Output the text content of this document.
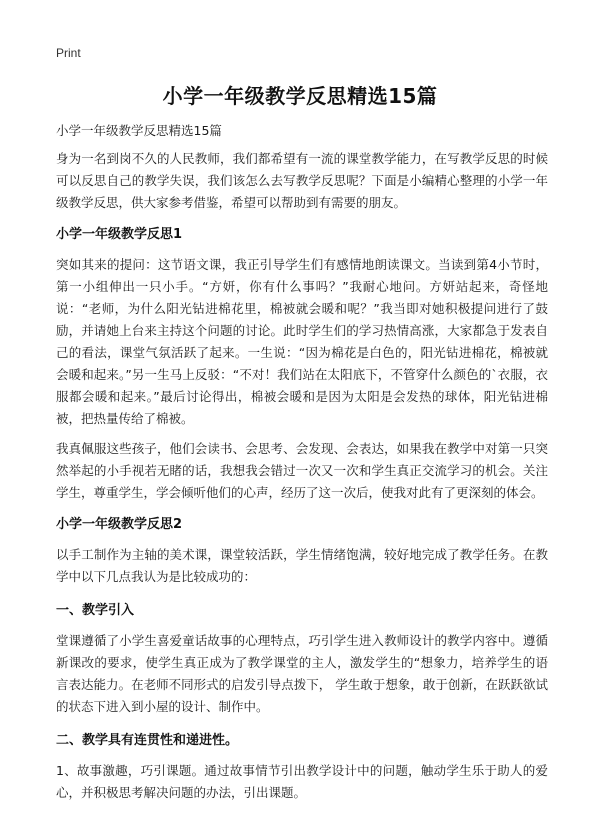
Print
小学一年级教学反思精选15篇

小学一年级教学反思精选15篇

身为一名到岗不久的人民教师，我们都希望有一流的课堂教学能力，在写教学反思的时候可以反思自己的教学失误，我们该怎么去写教学反思呢？下面是小编精心整理的小学一年级教学反思，供大家参考借鉴，希望可以帮助到有需要的朋友。

小学一年级教学反思1

突如其来的提问：这节语文课，我正引导学生们有感情地朗读课文。当读到第4小节时，第一小组伸出一只小手。“方妍，你有什么事吗？”我耐心地问。方妍站起来，奇怪地说：“老师，为什么阳光钻进棉花里，棉被就会暖和呢？”我当即对她积极提问进行了鼓励，并请她上台来主持这个问题的讨论。此时学生们的学习热情高涨，大家都急于发表自己的看法，课堂气氛活跃了起来。一生说：“因为棉花是白色的，阳光钻进棉花，棉被就会暖和起来。”另一生马上反驳：“不对！我们站在太阳底下，不管穿什么颜色的`衣服，衣服都会暖和起来。”最后讨论得出，棉被会暖和是因为太阳是会发热的球体，阳光钻进棉被，把热量传给了棉被。

我真佩服这些孩子，他们会读书、会思考、会发现、会表达，如果我在教学中对第一只突然举起的小手视若无睹的话，我想我会错过一次又一次和学生真正交流学习的机会。关注学生，尊重学生，学会倾听他们的心声，经历了这一次后，使我对此有了更深刻的体会。

小学一年级教学反思2

以手工制作为主轴的美术课，课堂较活跃，学生情绪饱满，较好地完成了教学任务。在教学中以下几点我认为是比较成功的：

一、教学引入

堂课遵循了小学生喜爱童话故事的心理特点，巧引学生进入教师设计的教学内容中。遵循新课改的要求，使学生真正成为了教学课堂的主人，激发学生的“想象力，培养学生的语言表达能力。在老师不同形式的启发引导点拨下， 学生敢于想象，敢于创新，在跃跃欲试的状态下进入到小屋的设计、制作中。

二、教学具有连贯性和递进性。

1、故事激趣，巧引课题。通过故事情节引出教学设计中的问题，触动学生乐于助人的爱心，并积极思考解决问题的办法，引出课题。
